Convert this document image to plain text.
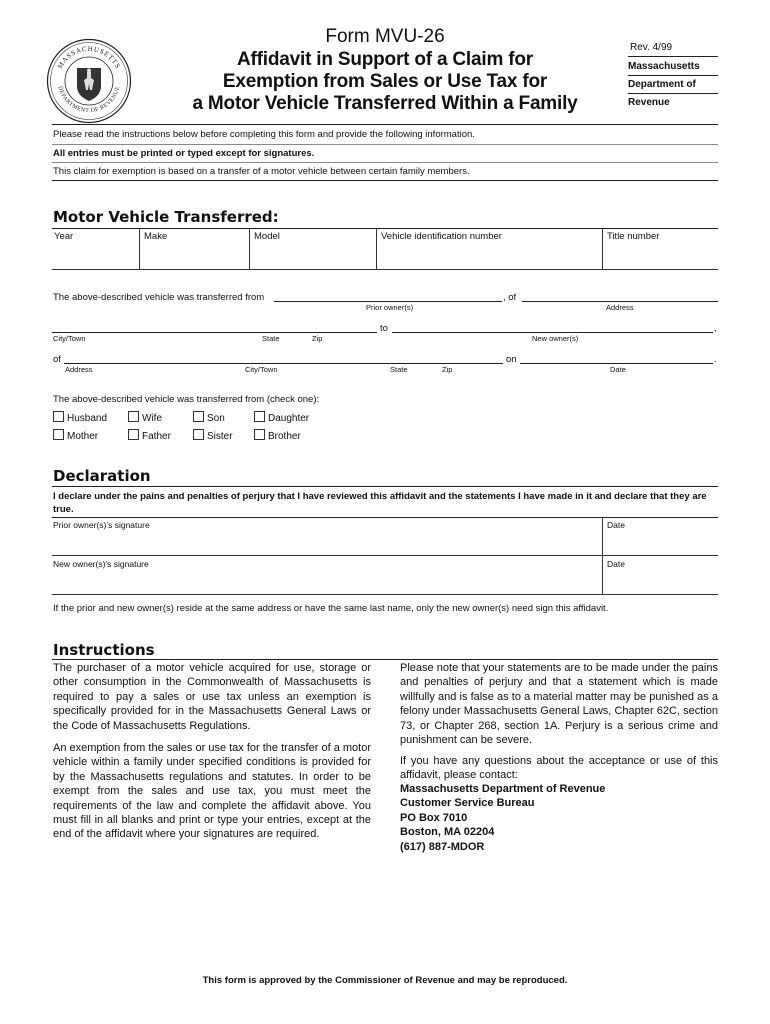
MASSACHUSETTS
DEPARTMENT OF REVENUE
Form MVU-26
Affidavit in Support of a Claim for
Exemption from Sales or Use Tax for
a Motor Vehicle Transferred Within a Family
Rev. 4/99
Massachusetts
Department of
Revenue
Please read the instructions below before completing this form and provide the following information.
All entries must be printed or typed except for signatures.
This claim for exemption is based on a transfer of a motor vehicle between certain family members.
Motor Vehicle Transferred:
Year	Make	Model	Vehicle identification number	Title number
The above-described vehicle was transferred from	, of
Prior owner(s)	Address
to	,
City/Town	State	Zip	New owner(s)
of	on	.
Address	City/Town	State	Zip	Date
The above-described vehicle was transferred from (check one):
Husband	Wife	Son	Daughter
Mother	Father	Sister	Brother
Declaration
I declare under the pains and penalties of perjury that I have reviewed this affidavit and the statements I have made in it and declare that they are true.
Prior owner(s)’s signature	Date
New owner(s)’s signature	Date
If the prior and new owner(s) reside at the same address or have the same last name, only the new owner(s) need sign this affidavit.
Instructions
The purchaser of a motor vehicle acquired for use, storage or other consumption in the Commonwealth of Massachusetts is required to pay a sales or use tax unless an exemption is specifically provided for in the Massachusetts General Laws or the Code of Massachusetts Regulations.
An exemption from the sales or use tax for the transfer of a motor vehicle within a family under specified conditions is provided for by the Massachusetts regulations and statutes. In order to be exempt from the sales and use tax, you must meet the requirements of the law and complete the affidavit above. You must fill in all blanks and print or type your entries, except at the end of the affidavit where your signatures are required.
Please note that your statements are to be made under the pains and penalties of perjury and that a statement which is made willfully and is false as to a material matter may be punished as a felony under Massachusetts General Laws, Chapter 62C, section 73, or Chapter 268, section 1A. Perjury is a serious crime and punishment can be severe.
If you have any questions about the acceptance or use of this affidavit, please contact:
Massachusetts Department of Revenue
Customer Service Bureau
PO Box 7010
Boston, MA 02204
(617) 887-MDOR
This form is approved by the Commissioner of Revenue and may be reproduced.
